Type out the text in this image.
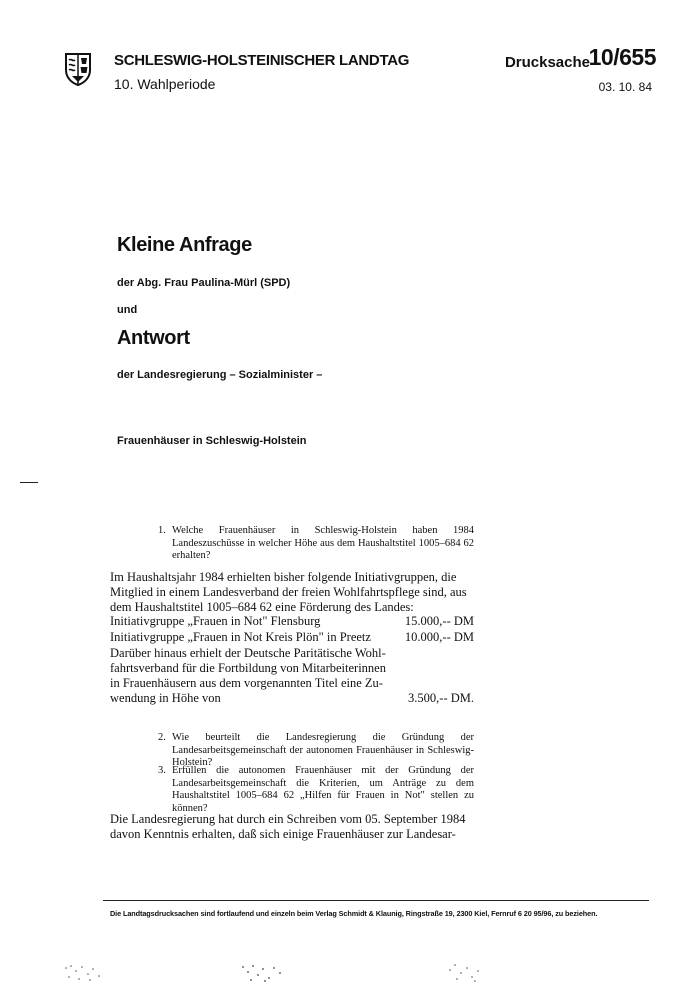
SCHLESWIG-HOLSTEINISCHER LANDTAG
10. Wahlperiode
Drucksache
10/655
03. 10. 84
Kleine Anfrage
der Abg. Frau Paulina-Mürl (SPD)
und
Antwort
der Landesregierung – Sozialminister –
Frauenhäuser in Schleswig-Holstein
1. Welche Frauenhäuser in Schleswig-Holstein haben 1984 Landeszuschüsse in welcher Höhe aus dem Haushaltstitel 1005–684 62 erhalten?
Im Haushaltsjahr 1984 erhielten bisher folgende Initiativgruppen, die Mitglied in einem Landesverband der freien Wohlfahrtspflege sind, aus dem Haushaltstitel 1005–684 62 eine Förderung des Landes:
Initiativgruppe „Frauen in Not" Flensburg	15.000,-- DM
Initiativgruppe „Frauen in Not Kreis Plön" in Preetz	10.000,-- DM
Darüber hinaus erhielt der Deutsche Paritätische Wohl-
fahrtsverband für die Fortbildung von Mitarbeiterinnen
in Frauenhäusern aus dem vorgenannten Titel eine Zu-
wendung in Höhe von	3.500,-- DM.
2. Wie beurteilt die Landesregierung die Gründung der Landesarbeitsgemeinschaft der autonomen Frauenhäuser in Schleswig-Holstein?
3. Erfüllen die autonomen Frauenhäuser mit der Gründung der Landesarbeitsgemeinschaft die Kriterien, um Anträge zu dem Haushaltstitel 1005–684 62 „Hilfen für Frauen in Not" stellen zu können?
Die Landesregierung hat durch ein Schreiben vom 05. September 1984
davon Kenntnis erhalten, daß sich einige Frauenhäuser zur Landesar-
Die Landtagsdrucksachen sind fortlaufend und einzeln beim Verlag Schmidt & Klaunig, Ringstraße 19, 2300 Kiel, Fernruf 6 20 95/96, zu beziehen.
